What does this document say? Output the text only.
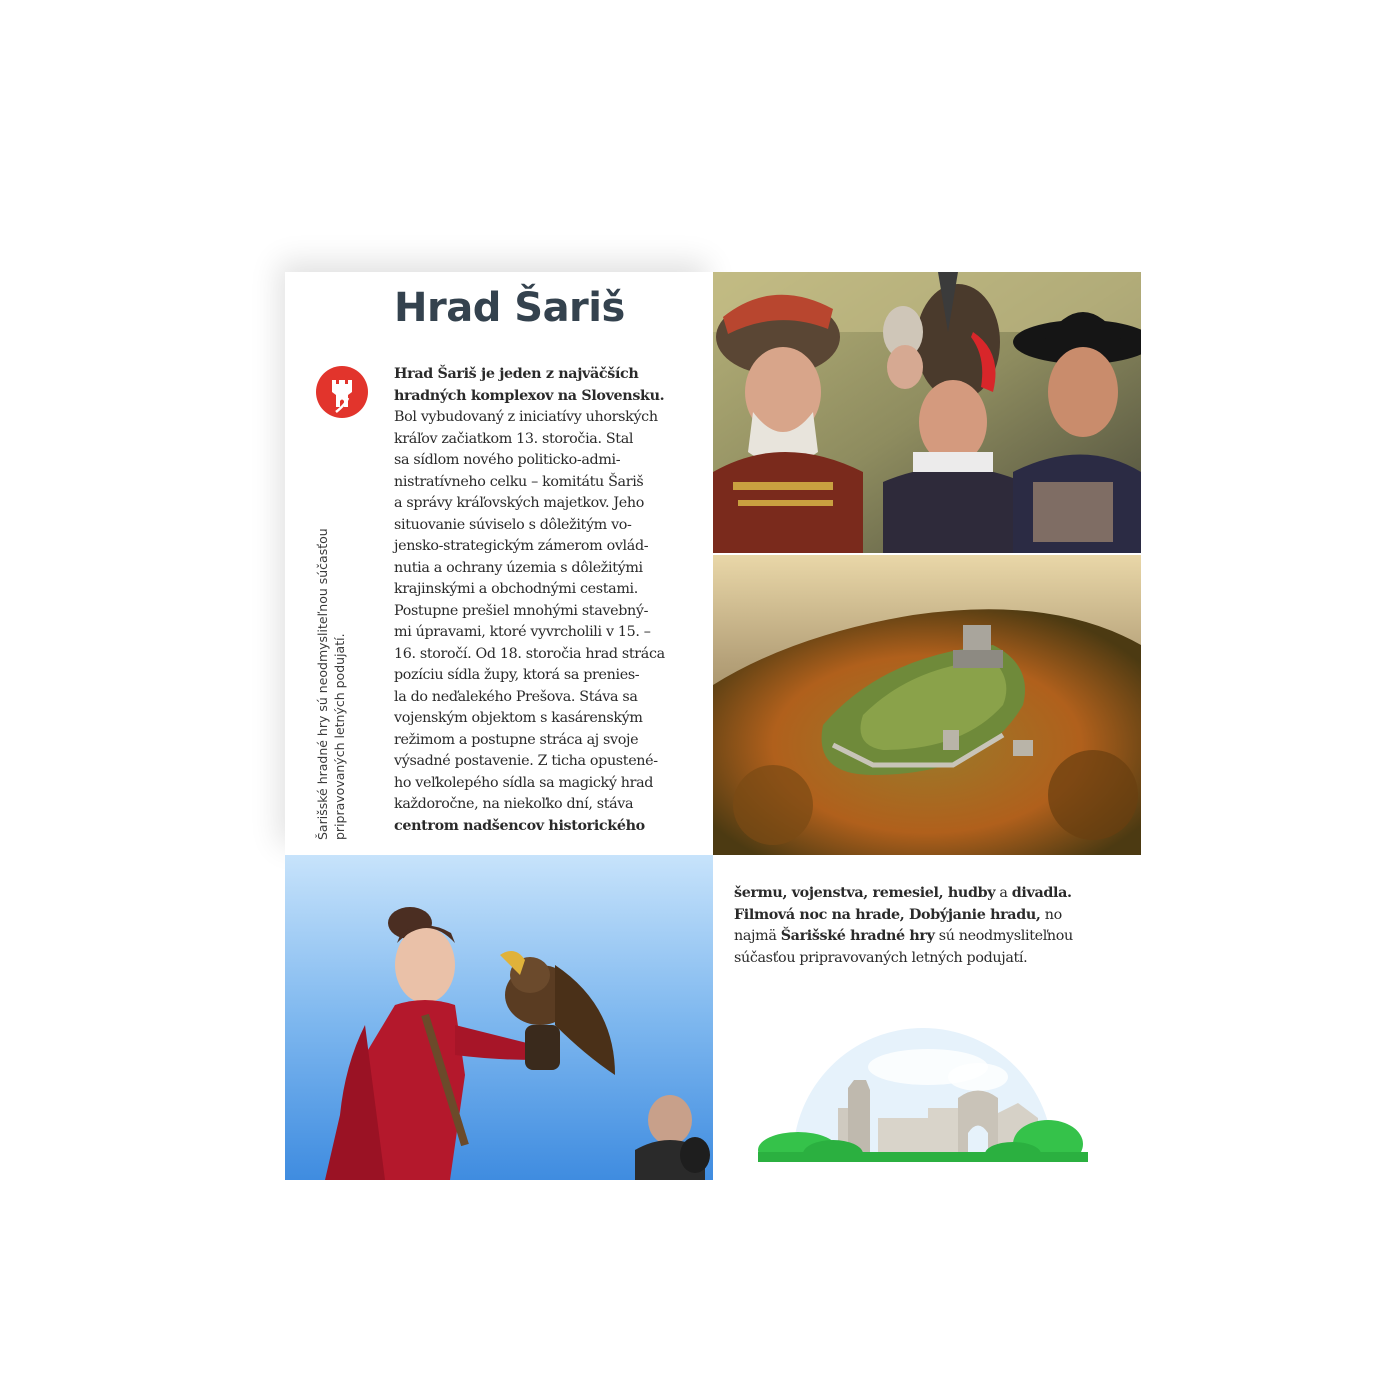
Hrad Šariš
Šarišské hradné hry sú neodmysliteľnou súčasťou pripravovaných letných podujatí.
Hrad Šariš je jeden z najväčších
hradných komplexov na Slovensku.
Bol vybudovaný z iniciatívy uhorských
kráľov začiatkom 13. storočia. Stal
sa sídlom nového politicko-admi-
nistratívneho celku – komitátu Šariš
a správy kráľovských majetkov. Jeho
situovanie súviselo s dôležitým vo-
jensko-strategickým zámerom ovlád-
nutia a ochrany územia s dôležitými
krajinskými a obchodnými cestami.
Postupne prešiel mnohými stavebný-
mi úpravami, ktoré vyvrcholili v 15. –
16. storočí. Od 18. storočia hrad stráca
pozíciu sídla župy, ktorá sa prenies-
la do neďalekého Prešova. Stáva sa
vojenským objektom s kasárenským
režimom a postupne stráca aj svoje
výsadné postavenie. Z ticha opustené-
ho veľkolepého sídla sa magický hrad
každoročne, na niekoľko dní, stáva
centrom nadšencov historického
šermu, vojenstva, remesiel, hudby a divadla.
Filmová noc na hrade, Dobýjanie hradu, no
najmä Šarišské hradné hry sú neodmysliteľnou
súčasťou pripravovaných letných podujatí.
